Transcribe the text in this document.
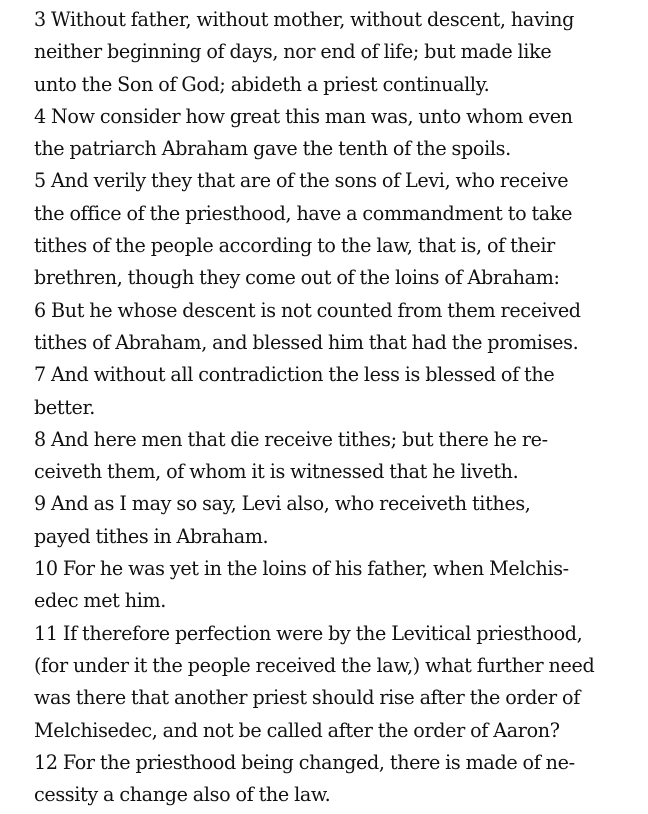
3 Without father, without mother, without descent, having
neither beginning of days, nor end of life; but made like
unto the Son of God; abideth a priest continually.
4 Now consider how great this man was, unto whom even
the patriarch Abraham gave the tenth of the spoils.
5 And verily they that are of the sons of Levi, who receive
the office of the priesthood, have a commandment to take
tithes of the people according to the law, that is, of their
brethren, though they come out of the loins of Abraham:
6 But he whose descent is not counted from them received
tithes of Abraham, and blessed him that had the promises.
7 And without all contradiction the less is blessed of the
better.
8 And here men that die receive tithes; but there he re-
ceiveth them, of whom it is witnessed that he liveth.
9 And as I may so say, Levi also, who receiveth tithes,
payed tithes in Abraham.
10 For he was yet in the loins of his father, when Melchis-
edec met him.
11 If therefore perfection were by the Levitical priesthood,
(for under it the people received the law,) what further need
was there that another priest should rise after the order of
Melchisedec, and not be called after the order of Aaron?
12 For the priesthood being changed, there is made of ne-
cessity a change also of the law.
